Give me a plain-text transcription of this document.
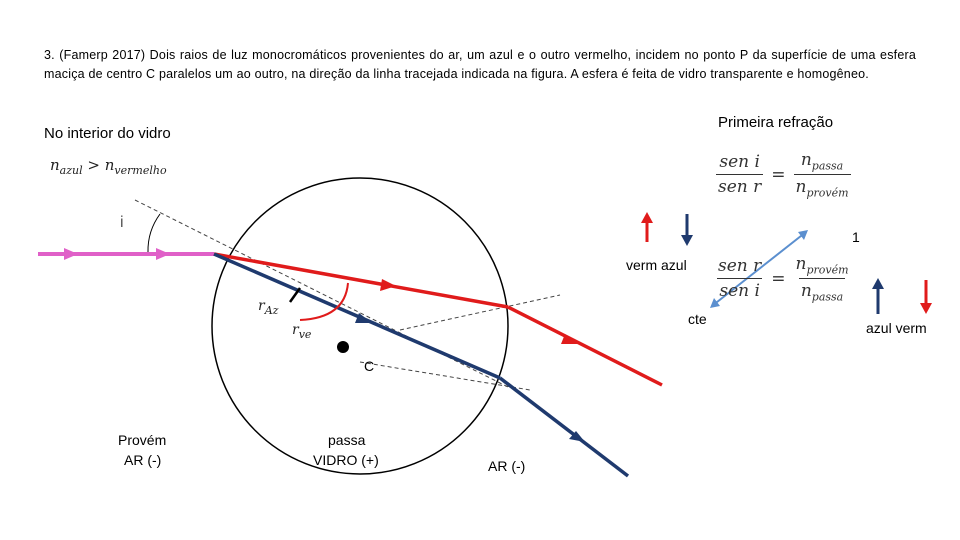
3. (Famerp 2017) Dois raios de luz monocromáticos provenientes do ar, um azul e o outro vermelho, incidem no ponto P da superfície de uma esfera maciça de centro C paralelos um ao outro, na direção da linha tracejada indicada na figura. A esfera é feita de vidro transparente e homogêneo.
No interior do vidro
Primeira refração
$n_{azul} > n_{vermelho}$
i
$r_{Az}$
$r_{ve}$
C
Provém
AR (-)
passa
VIDRO (+)	AR (-)
$\frac{\text{sen i}}{\text{sen r}} = \frac{n_{passa}}{n_{provém}}$
1
verm azul $\frac{\text{sen r}}{\text{sen i}} = \frac{n_{provém}}{n_{passa}}$
cte
azul verm
